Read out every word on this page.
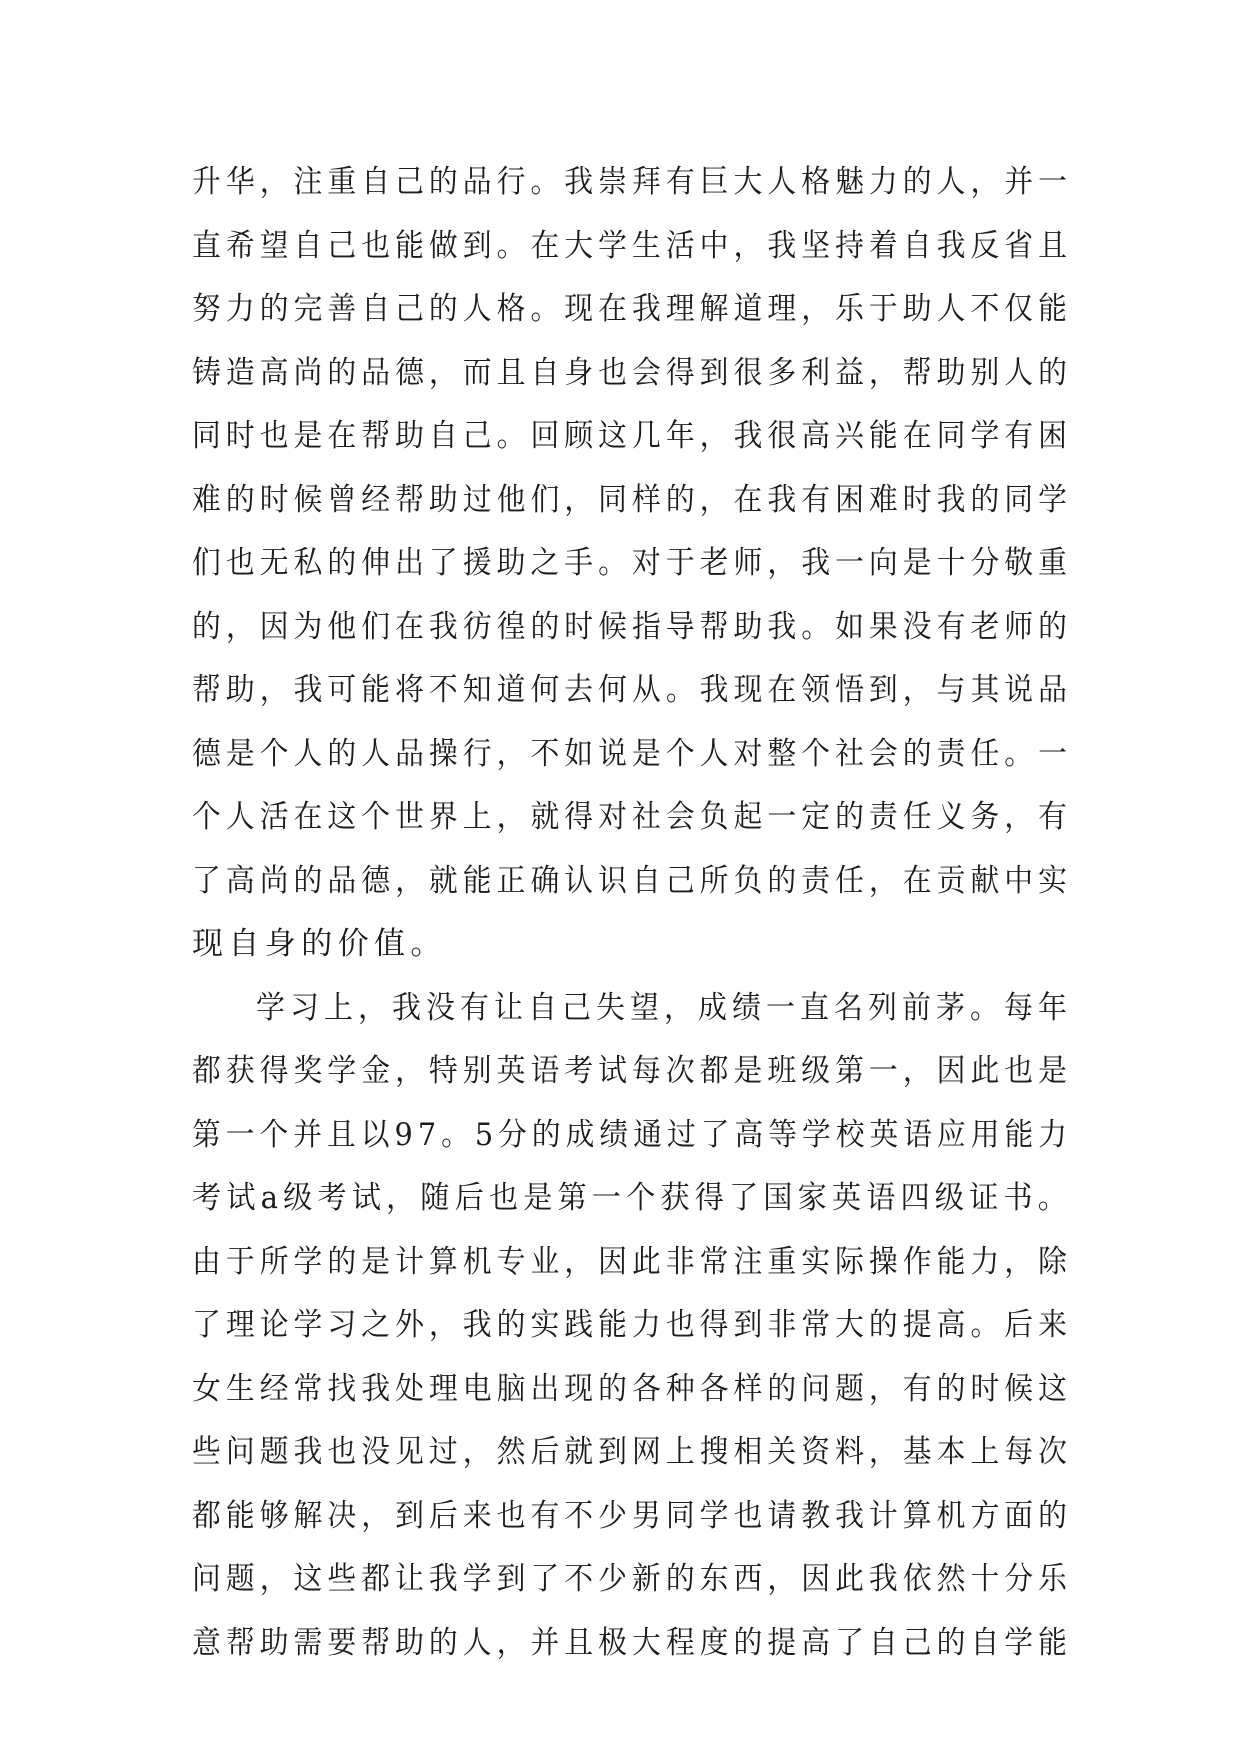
升华，注重自己的品行。我崇拜有巨大人格魅力的人，并一
直希望自己也能做到。在大学生活中，我坚持着自我反省且
努力的完善自己的人格。现在我理解道理，乐于助人不仅能
铸造高尚的品德，而且自身也会得到很多利益，帮助别人的
同时也是在帮助自己。回顾这几年，我很高兴能在同学有困
难的时候曾经帮助过他们，同样的，在我有困难时我的同学
们也无私的伸出了援助之手。对于老师，我一向是十分敬重
的，因为他们在我彷徨的时候指导帮助我。如果没有老师的
帮助，我可能将不知道何去何从。我现在领悟到，与其说品
德是个人的人品操行，不如说是个人对整个社会的责任。一
个人活在这个世界上，就得对社会负起一定的责任义务，有
了高尚的品德，就能正确认识自己所负的责任，在贡献中实
现自身的价值。
学习上，我没有让自己失望，成绩一直名列前茅。每年
都获得奖学金，特别英语考试每次都是班级第一，因此也是
第一个并且以97。5分的成绩通过了高等学校英语应用能力
考试a级考试，随后也是第一个获得了国家英语四级证书。
由于所学的是计算机专业，因此非常注重实际操作能力，除
了理论学习之外，我的实践能力也得到非常大的提高。后来
女生经常找我处理电脑出现的各种各样的问题，有的时候这
些问题我也没见过，然后就到网上搜相关资料，基本上每次
都能够解决，到后来也有不少男同学也请教我计算机方面的
问题，这些都让我学到了不少新的东西，因此我依然十分乐
意帮助需要帮助的人，并且极大程度的提高了自己的自学能
